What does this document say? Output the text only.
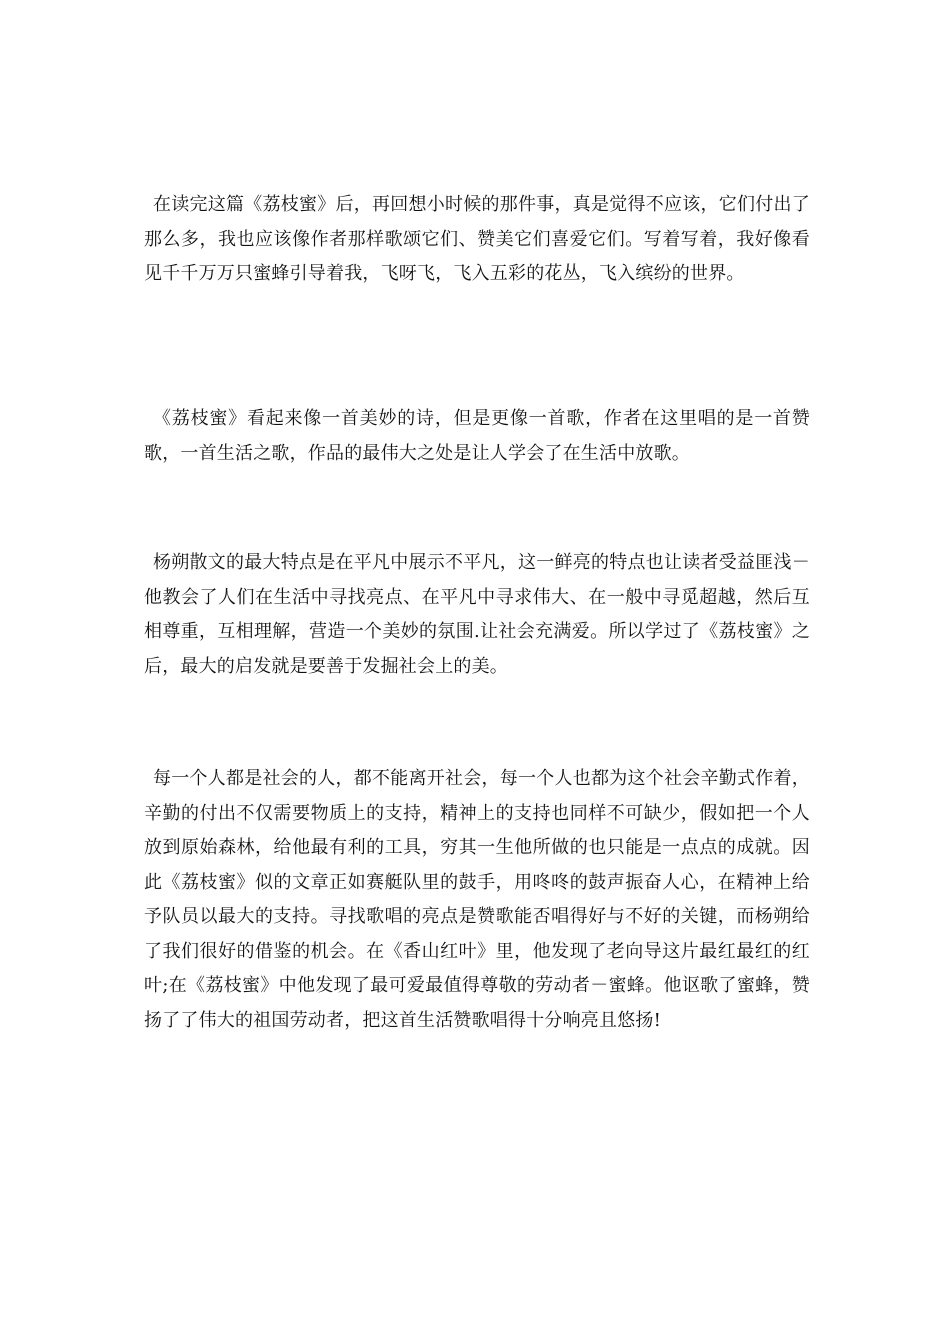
在读完这篇《荔枝蜜》后，再回想小时候的那件事，真是觉得不应该，它们付出了那么多，我也应该像作者那样歌颂它们、赞美它们喜爱它们。写着写着，我好像看见千千万万只蜜蜂引导着我，飞呀飞，飞入五彩的花丛，飞入缤纷的世界。

《荔枝蜜》看起来像一首美妙的诗，但是更像一首歌，作者在这里唱的是一首赞歌，一首生活之歌，作品的最伟大之处是让人学会了在生活中放歌。

杨朔散文的最大特点是在平凡中展示不平凡，这一鲜亮的特点也让读者受益匪浅－他教会了人们在生活中寻找亮点、在平凡中寻求伟大、在一般中寻觅超越，然后互相尊重，互相理解，营造一个美妙的氛围.让社会充满爱。所以学过了《荔枝蜜》之后，最大的启发就是要善于发掘社会上的美。

每一个人都是社会的人，都不能离开社会，每一个人也都为这个社会辛勤式作着，辛勤的付出不仅需要物质上的支持，精神上的支持也同样不可缺少，假如把一个人放到原始森林，给他最有利的工具，穷其一生他所做的也只能是一点点的成就。因此《荔枝蜜》似的文章正如赛艇队里的鼓手，用咚咚的鼓声振奋人心，在精神上给予队员以最大的支持。寻找歌唱的亮点是赞歌能否唱得好与不好的关键，而杨朔给了我们很好的借鉴的机会。在《香山红叶》里，他发现了老向导这片最红最红的红叶;在《荔枝蜜》中他发现了最可爱最值得尊敬的劳动者－蜜蜂。他讴歌了蜜蜂，赞扬了了伟大的祖国劳动者，把这首生活赞歌唱得十分响亮且悠扬!
